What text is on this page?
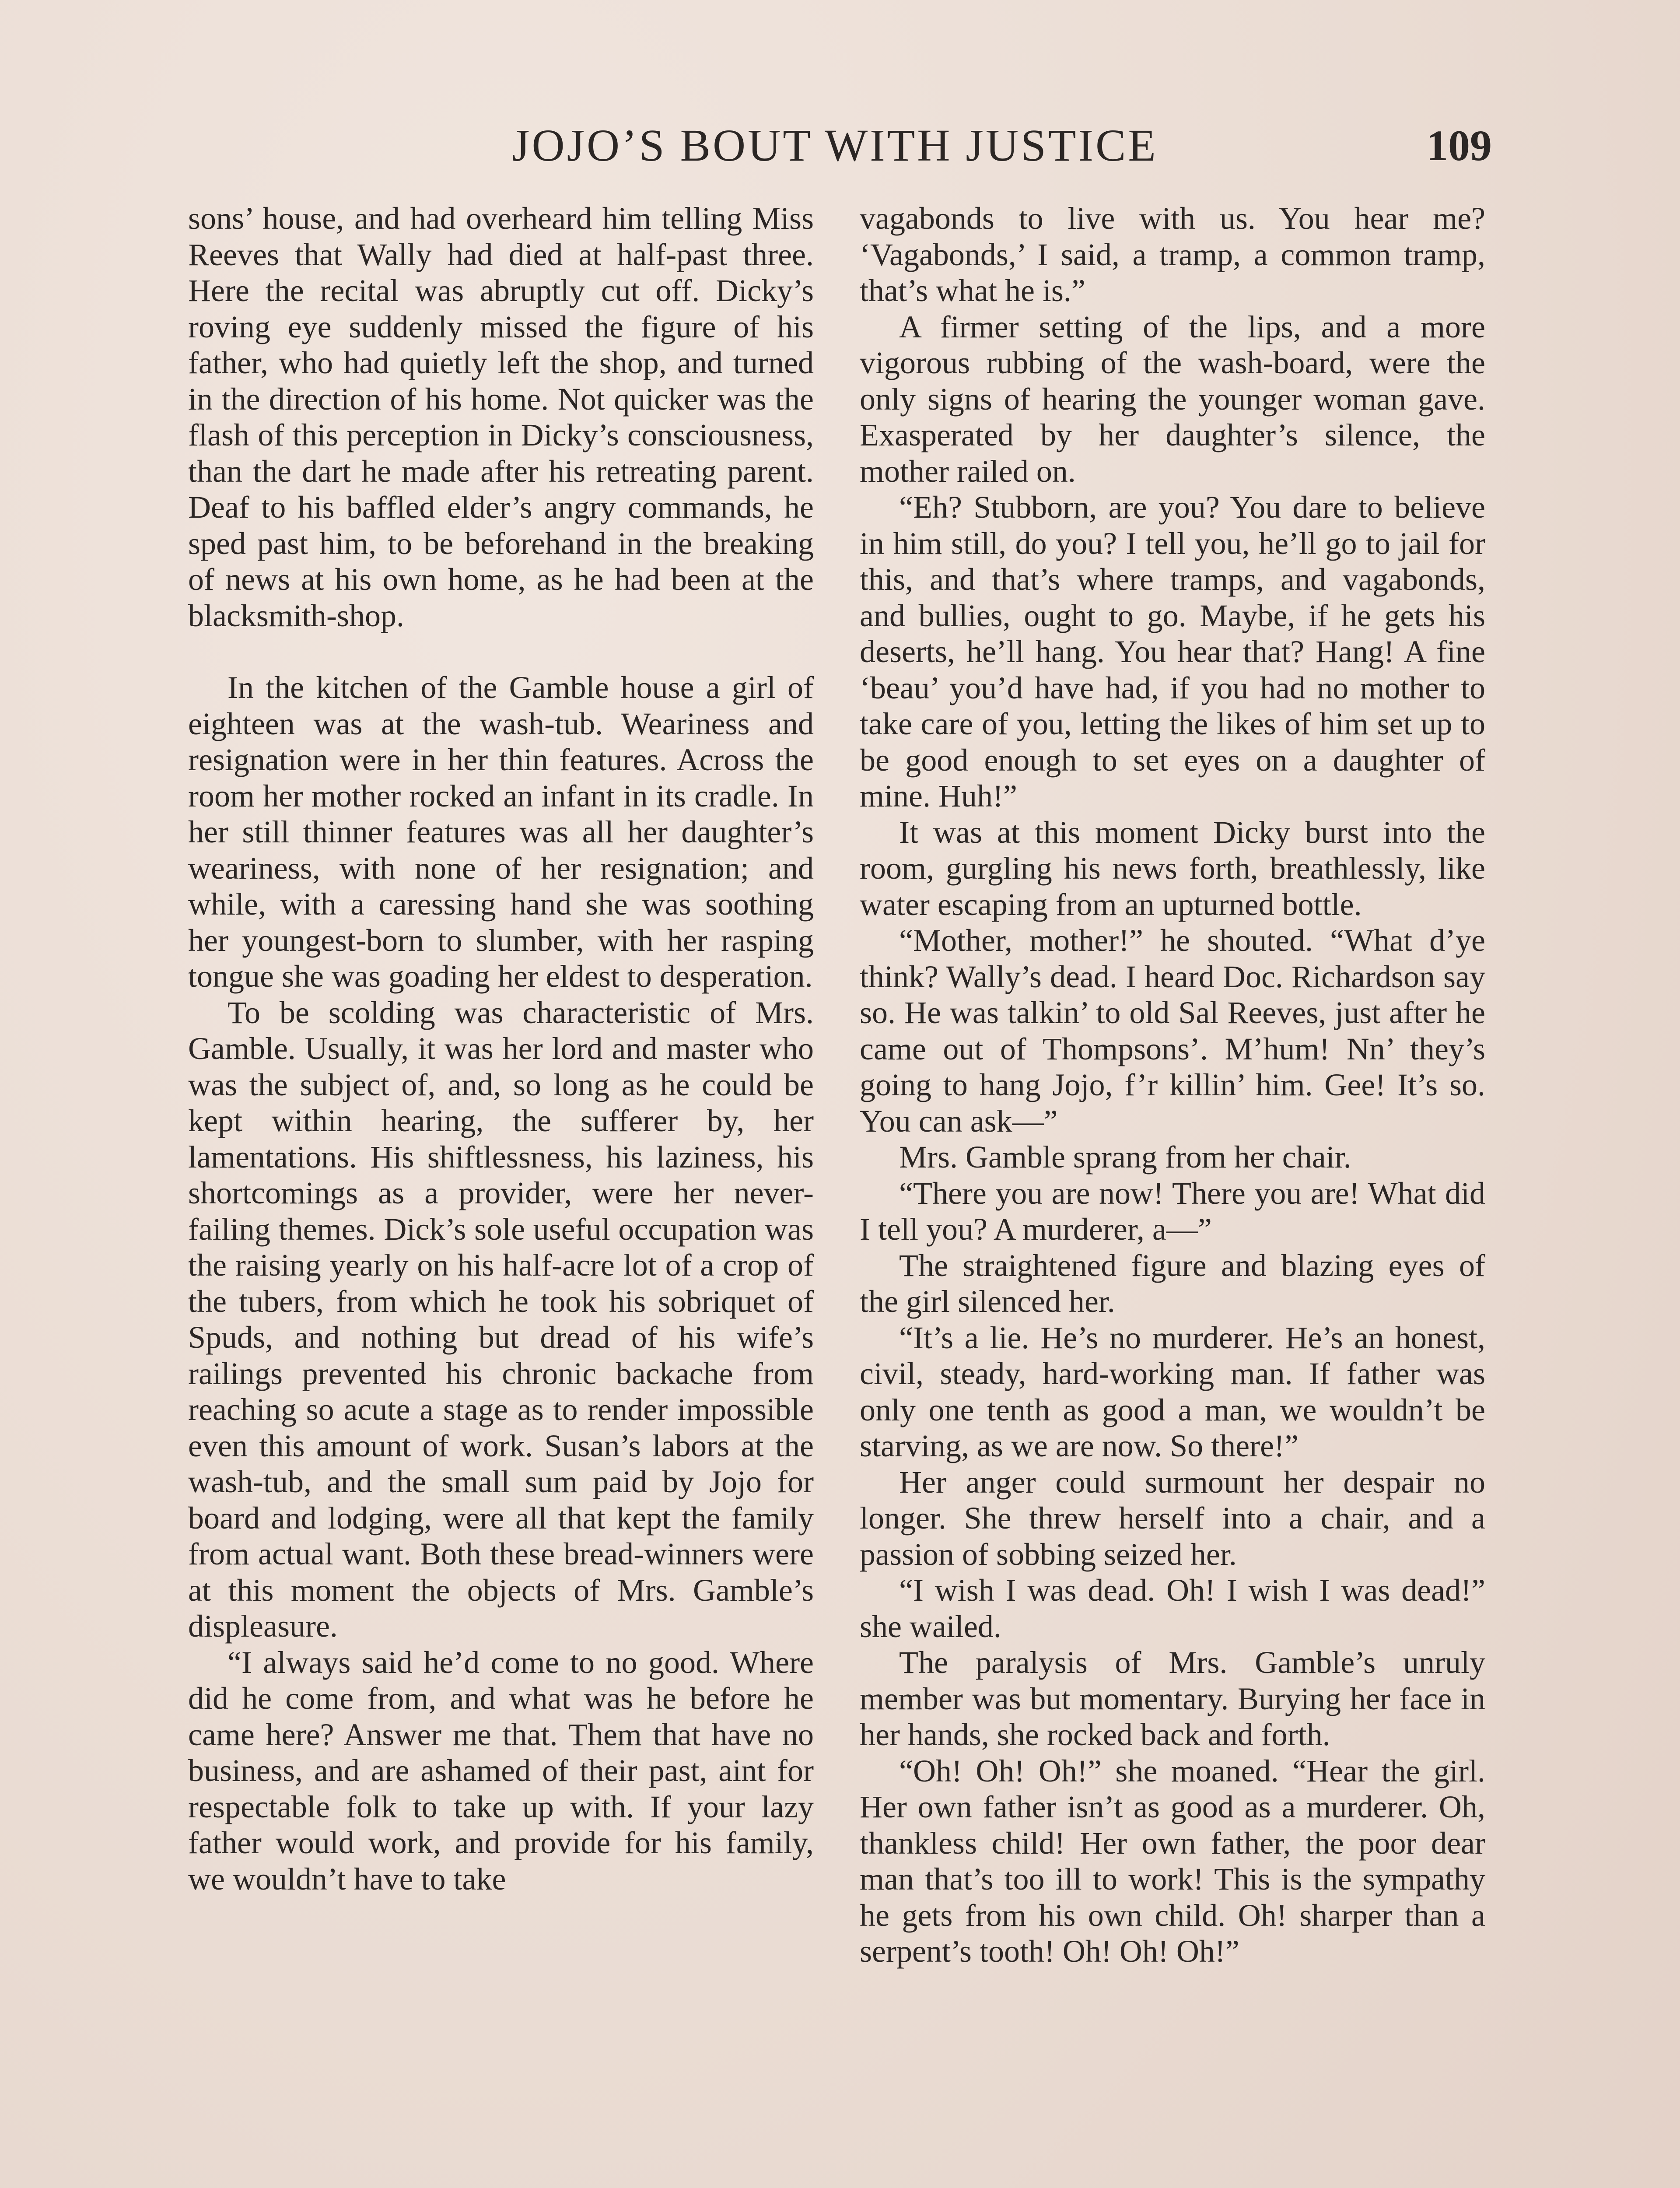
JOJO’S BOUT WITH JUSTICE	109

sons’ house, and had overheard him telling Miss Reeves that Wally had died at half-past three. Here the recital was abruptly cut off. Dicky’s roving eye suddenly missed the figure of his father, who had quietly left the shop, and turned in the direction of his home. Not quicker was the flash of this perception in Dicky’s consciousness, than the dart he made after his retreating parent. Deaf to his baffled elder’s angry commands, he sped past him, to be beforehand in the breaking of news at his own home, as he had been at the blacksmith-shop.

In the kitchen of the Gamble house a girl of eighteen was at the wash-tub. Weariness and resignation were in her thin features. Across the room her mother rocked an infant in its cradle. In her still thinner features was all her daughter’s weariness, with none of her resignation; and while, with a caressing hand she was soothing her youngest-born to slumber, with her rasping tongue she was goading her eldest to desperation.

To be scolding was characteristic of Mrs. Gamble. Usually, it was her lord and master who was the subject of, and, so long as he could be kept within hearing, the sufferer by, her lamentations. His shiftlessness, his laziness, his shortcomings as a provider, were her never-failing themes. Dick’s sole useful occupation was the raising yearly on his half-acre lot of a crop of the tubers, from which he took his sobriquet of Spuds, and nothing but dread of his wife’s railings prevented his chronic backache from reaching so acute a stage as to render impossible even this amount of work. Susan’s labors at the wash-tub, and the small sum paid by Jojo for board and lodging, were all that kept the family from actual want. Both these bread-winners were at this moment the objects of Mrs. Gamble’s displeasure.

“I always said he’d come to no good. Where did he come from, and what was he before he came here? Answer me that. Them that have no business, and are ashamed of their past, aint for respectable folk to take up with. If your lazy father would work, and provide for his family, we wouldn’t have to take

vagabonds to live with us. You hear me? ‘Vagabonds,’ I said, a tramp, a common tramp, that’s what he is.”

A firmer setting of the lips, and a more vigorous rubbing of the wash-board, were the only signs of hearing the younger woman gave. Exasperated by her daughter’s silence, the mother railed on.

“Eh? Stubborn, are you? You dare to believe in him still, do you? I tell you, he’ll go to jail for this, and that’s where tramps, and vagabonds, and bullies, ought to go. Maybe, if he gets his deserts, he’ll hang. You hear that? Hang! A fine ‘beau’ you’d have had, if you had no mother to take care of you, letting the likes of him set up to be good enough to set eyes on a daughter of mine. Huh!”

It was at this moment Dicky burst into the room, gurgling his news forth, breathlessly, like water escaping from an upturned bottle.

“Mother, mother!” he shouted. “What d’ye think? Wally’s dead. I heard Doc. Richardson say so. He was talkin’ to old Sal Reeves, just after he came out of Thompsons’. M’hum! Nn’ they’s going to hang Jojo, f’r killin’ him. Gee! It’s so. You can ask—”

Mrs. Gamble sprang from her chair.

“There you are now! There you are! What did I tell you? A murderer, a—”

The straightened figure and blazing eyes of the girl silenced her.

“It’s a lie. He’s no murderer. He’s an honest, civil, steady, hard-working man. If father was only one tenth as good a man, we wouldn’t be starving, as we are now. So there!”

Her anger could surmount her despair no longer. She threw herself into a chair, and a passion of sobbing seized her.

“I wish I was dead. Oh! I wish I was dead!” she wailed.

The paralysis of Mrs. Gamble’s unruly member was but momentary. Burying her face in her hands, she rocked back and forth.

“Oh! Oh! Oh!” she moaned. “Hear the girl. Her own father isn’t as good as a murderer. Oh, thankless child! Her own father, the poor dear man that’s too ill to work! This is the sympathy he gets from his own child. Oh! sharper than a serpent’s tooth! Oh! Oh! Oh!”
